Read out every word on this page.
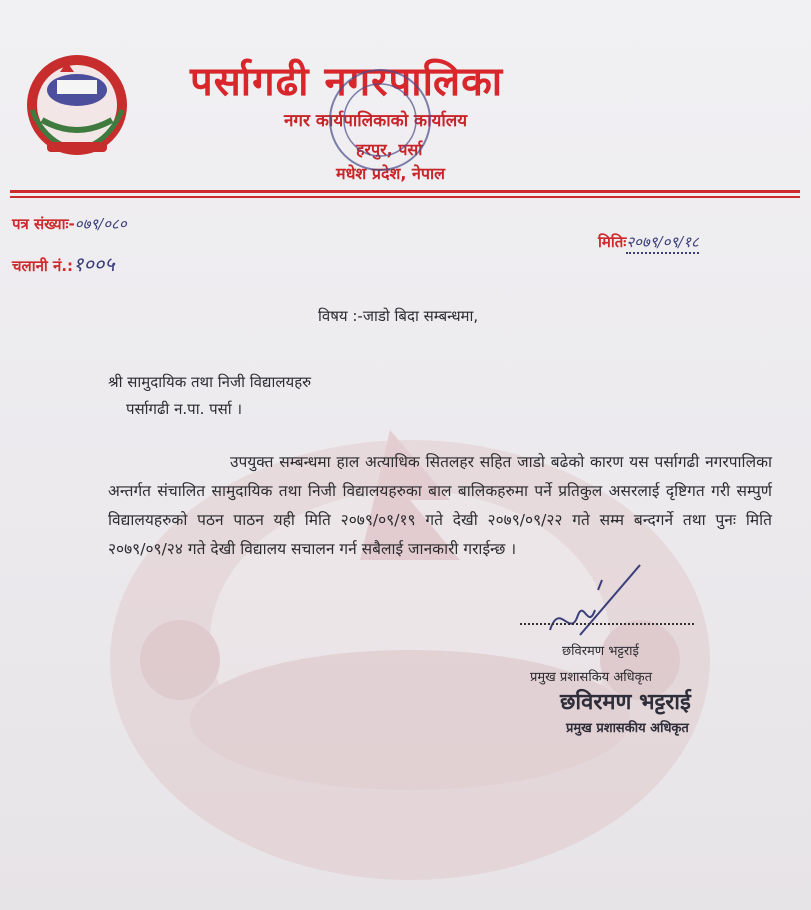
पर्सागढी नगरपालिका
नगर कार्यपालिकाको कार्यालय
हरपुर, पर्सा
मधेश प्रदेश, नेपाल
पत्र संख्याः-०७९/०८०
चलानी नं.:१००५
मितिः२०७९/०९/१८
विषय :-जाडो बिदा सम्बन्धमा,
श्री सामुदायिक तथा निजी विद्यालयहरु
पर्सागढी न.पा. पर्सा ।
उपयुक्त सम्बन्धमा हाल अत्याधिक सितलहर सहित जाडो बढेको कारण यस पर्सागढी नगरपालिका अन्तर्गत संचालित सामुदायिक तथा निजी विद्यालयहरुका बाल बालिकहरुमा पर्ने प्रतिकुल असरलाई दृष्टिगत गरी सम्पुर्ण विद्यालयहरुको पठन पाठन यही मिति २०७९/०९/१९ गते देखी २०७९/०९/२२ गते सम्म बन्दगर्ने तथा पुनः मिति २०७९/०९/२४ गते देखी विद्यालय सचालन गर्न सबैलाई जानकारी गराईन्छ ।
छविरमण भट्टराई
प्रमुख प्रशासकिय अधिकृत
छविरमण भट्टराई
प्रमुख प्रशासकीय अधिकृत
